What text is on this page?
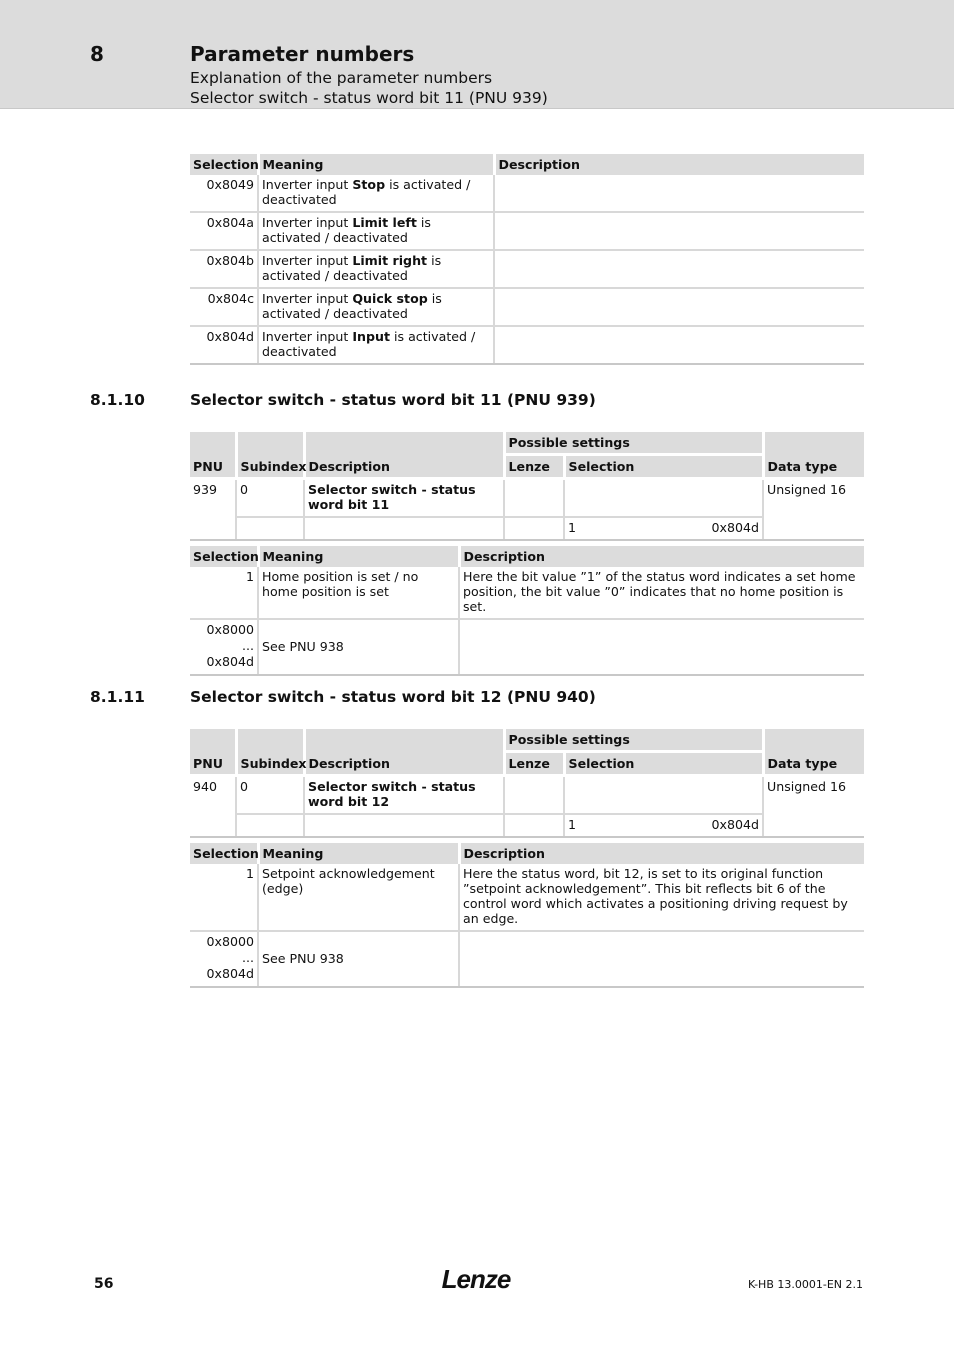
8	Parameter numbers
Explanation of the parameter numbers
Selector switch - status word bit 11 (PNU 939)
Selection	Meaning	Description
0x8049	Inverter input Stop is activated / deactivated	
0x804a	Inverter input Limit left is activated / deactivated	
0x804b	Inverter input Limit right is activated / deactivated	
0x804c	Inverter input Quick stop is activated / deactivated	
0x804d	Inverter input Input is activated / deactivated	
8.1.10	Selector switch - status word bit 11 (PNU 939)
PNU	Subindex	Description	Possible settings		Data type
			Lenze	Selection	
939	0	Selector switch - status word bit 11			Unsigned 16

				1 0x804d	
Selection	Meaning	Description
1	Home position is set / no home position is set	Here the bit value ”1” of the status word indicates a set home position, the bit value ”0” indicates that no home position is set.

0x8000
...
0x804d	See PNU 938	
8.1.11	Selector switch - status word bit 12 (PNU 940)
PNU	Subindex	Description	Possible settings		Data type
			Lenze	Selection	
940	0	Selector switch - status word bit 12			Unsigned 16

				1 0x804d	
Selection	Meaning	Description
1	Setpoint acknowledgement (edge)	Here the status word, bit 12, is set to its original function ”setpoint acknowledgement”. This bit reflects bit 6 of the control word which activates a positioning driving request by an edge.

0x8000
...
0x804d	See PNU 938	
56	Lenze	K-HB 13.0001-EN 2.1
